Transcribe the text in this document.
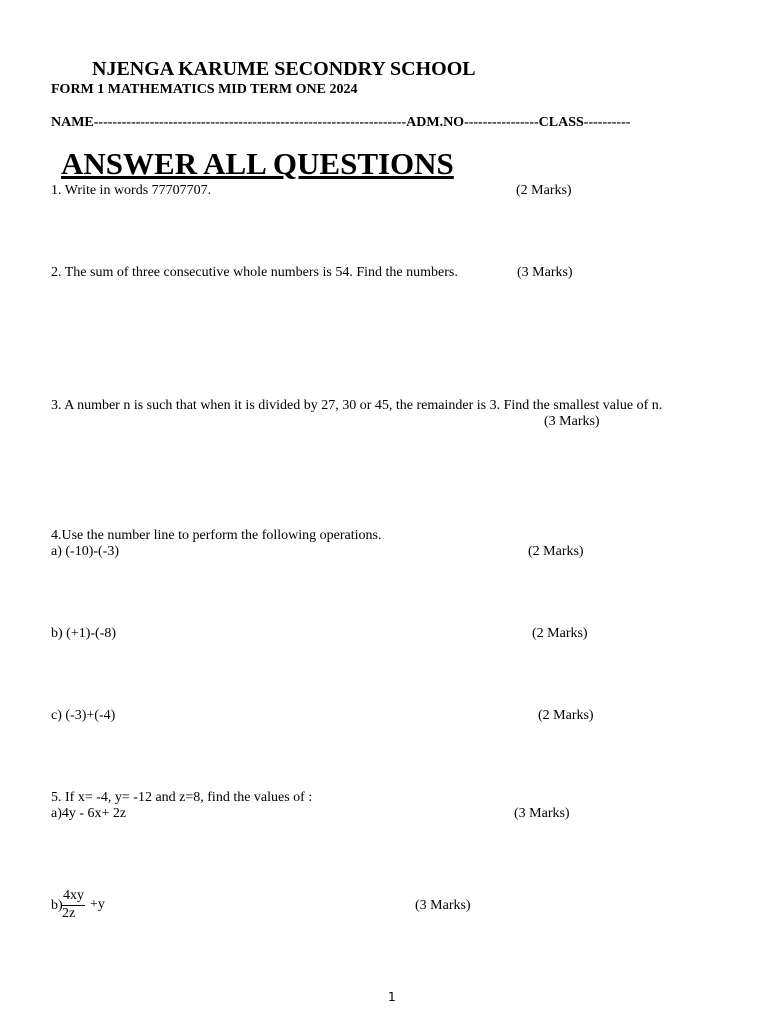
NJENGA KARUME SECONDRY SCHOOL
FORM 1 MATHEMATICS MID TERM ONE 2024
NAME-------------------------------------------------------------------ADM.NO----------------CLASS----------
ANSWER ALL QUESTIONS
1. Write in words 77707707.	(2 Marks)
2. The sum of three consecutive whole numbers is 54. Find the numbers.	(3 Marks)
3. A number n is such that when it is divided by 27, 30 or 45, the remainder is 3. Find the smallest value of n.
(3 Marks)
4.Use the number line to perform the following operations.
a) (-10)-(-3)	(2 Marks)
b) (+1)-(-8)	(2 Marks)
c) (-3)+(-4)	(2 Marks)
5. If x= -4, y= -12 and z=8, find the values of :
a)4y - 6x+ 2z	(3 Marks)
$b) \frac{4xy}{2z} +y$	(3 Marks)
1
